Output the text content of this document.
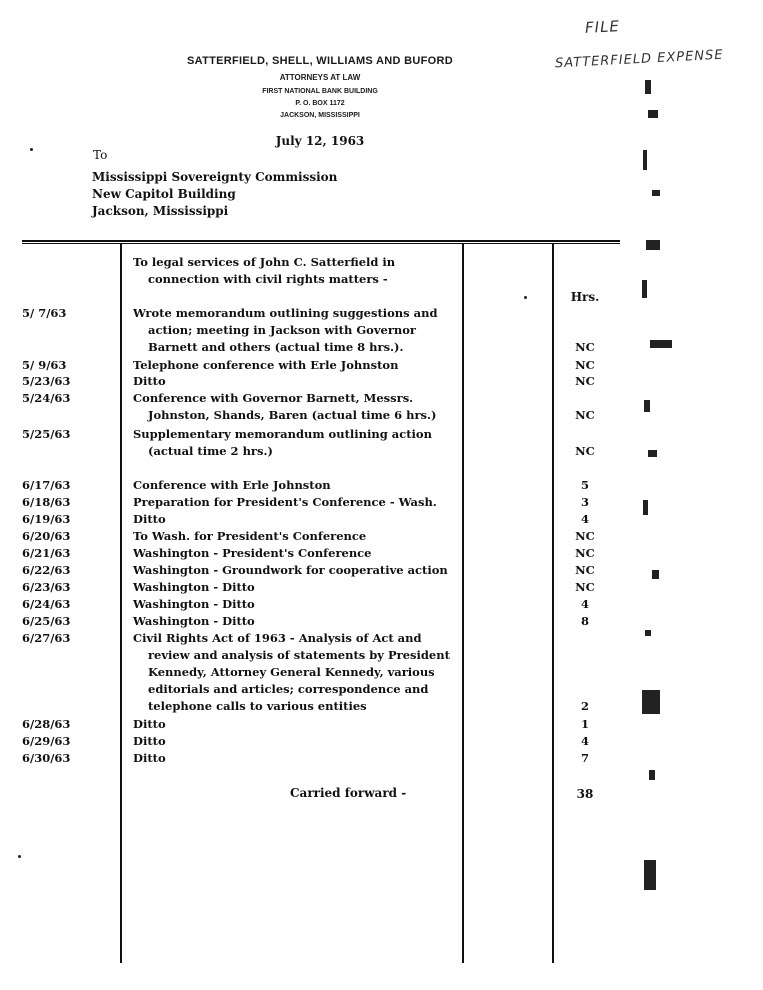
FILE
SATTERFIELD EXPENSE
SATTERFIELD, SHELL, WILLIAMS AND BUFORD
ATTORNEYS AT LAW
FIRST NATIONAL BANK BUILDING
P. O. BOX 1172
JACKSON, MISSISSIPPI
July 12, 1963
To
Mississippi Sovereignty Commission
New Capitol Building
Jackson, Mississippi
To legal services of John C. Satterfield in
connection with civil rights matters -
Hrs.
5/ 7/63	Wrote memorandum outlining suggestions and
action; meeting in Jackson with Governor
Barnett and others (actual time 8 hrs.).	NC
5/ 9/63	Telephone conference with Erle Johnston	NC
5/23/63	Ditto	NC
5/24/63	Conference with Governor Barnett, Messrs.
Johnston, Shands, Baren (actual time 6 hrs.)	NC
5/25/63	Supplementary memorandum outlining action
(actual time 2 hrs.)	NC
6/17/63	Conference with Erle Johnston	5
6/18/63	Preparation for President's Conference - Wash.	3
6/19/63	Ditto	4
6/20/63	To Wash. for President's Conference	NC
6/21/63	Washington - President's Conference	NC
6/22/63	Washington - Groundwork for cooperative action	NC
6/23/63	Washington - Ditto	NC
6/24/63	Washington - Ditto	4
6/25/63	Washington - Ditto	8
6/27/63	Civil Rights Act of 1963 - Analysis of Act and
review and analysis of statements by President
Kennedy, Attorney General Kennedy, various
editorials and articles; correspondence and
telephone calls to various entities	2
6/28/63	Ditto	1
6/29/63	Ditto	4
6/30/63	Ditto	7
Carried forward -	38
